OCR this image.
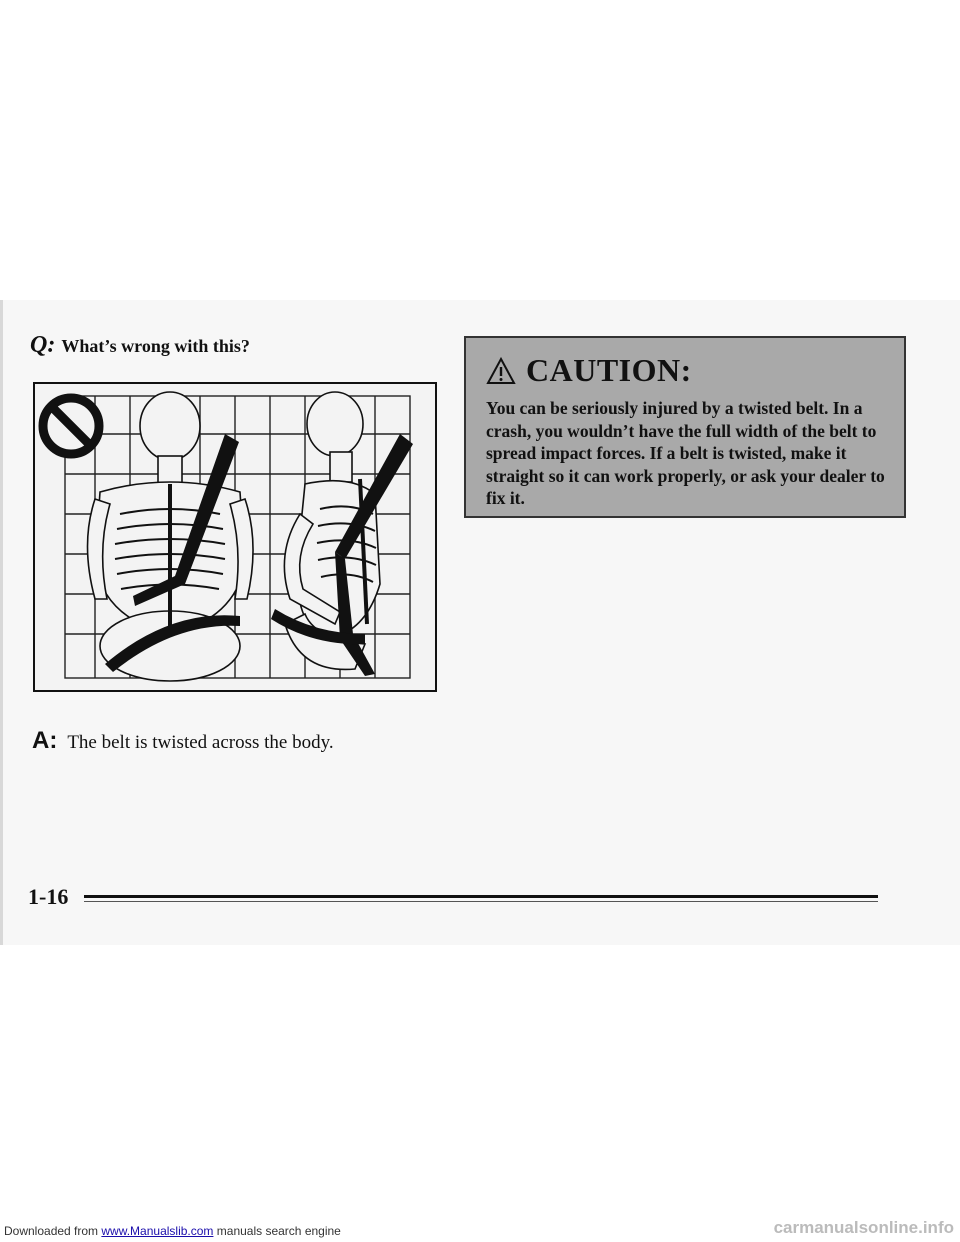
Q: What’s wrong with this?
A: The belt is twisted across the body.
CAUTION:
You can be seriously injured by a twisted belt. In a crash, you wouldn’t have the full width of the belt to spread impact forces. If a belt is twisted, make it straight so it can work properly, or ask your dealer to fix it.
1-16
Downloaded from www.Manualslib.com manuals search engine	carmanualsonline.info
